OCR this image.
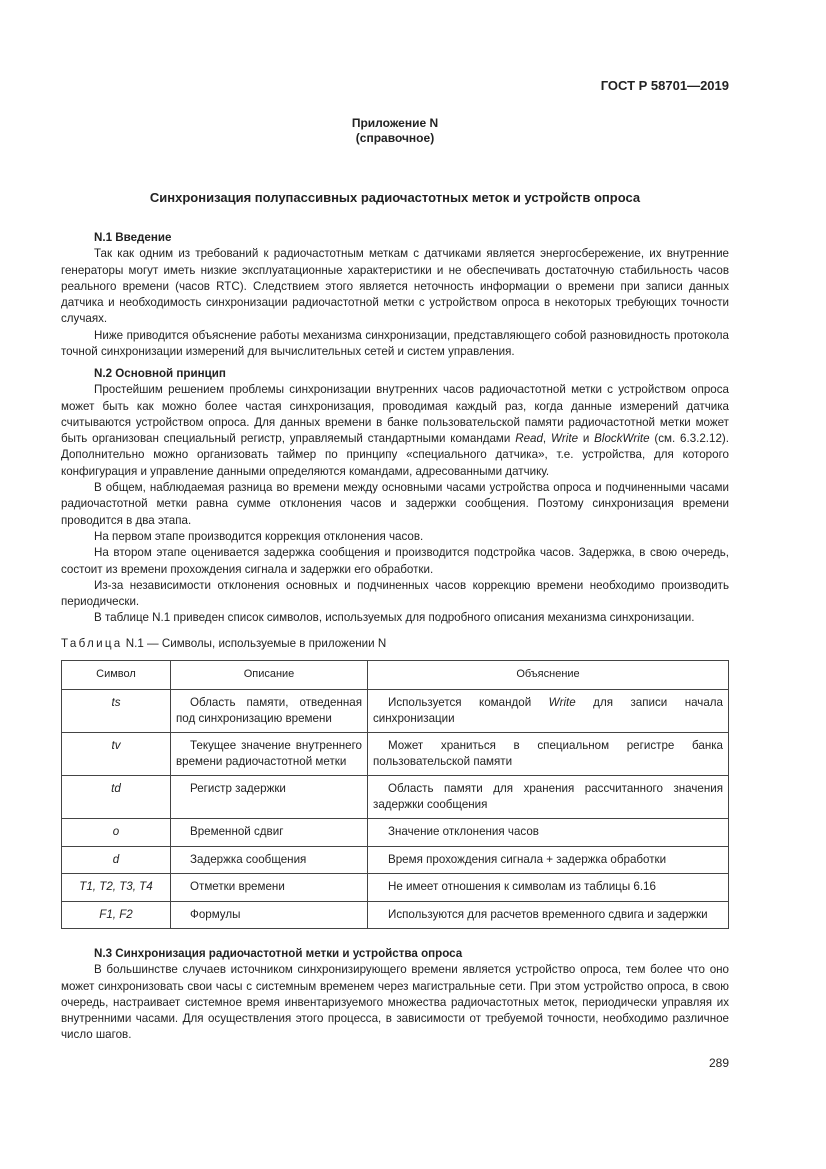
ГОСТ Р 58701—2019
Приложение N
(справочное)
Синхронизация полупассивных радиочастотных меток и устройств опроса

N.1 Введение

Так как одним из требований к радиочастотным меткам с датчиками является энергосбережение, их внутренние генераторы могут иметь низкие эксплуатационные характеристики и не обеспечивать достаточную стабильность часов реального времени (часов RTC). Следствием этого является неточность информации о времени при записи данных датчика и необходимость синхронизации радиочастотной метки с устройством опроса в некоторых требующих точности случаях.

Ниже приводится объяснение работы механизма синхронизации, представляющего собой разновидность протокола точной синхронизации измерений для вычислительных сетей и систем управления.

N.2 Основной принцип

Простейшим решением проблемы синхронизации внутренних часов радиочастотной метки с устройством опроса может быть как можно более частая синхронизация, проводимая каждый раз, когда данные измерений датчика считываются устройством опроса. Для данных времени в банке пользовательской памяти радиочастотной метки может быть организован специальный регистр, управляемый стандартными командами Read, Write и BlockWrite (см. 6.3.2.12). Дополнительно можно организовать таймер по принципу «специального датчика», т.е. устройства, для которого конфигурация и управление данными определяются командами, адресованными датчику.

В общем, наблюдаемая разница во времени между основными часами устройства опроса и подчиненными часами радиочастотной метки равна сумме отклонения часов и задержки сообщения. Поэтому синхронизация времени проводится в два этапа.

На первом этапе производится коррекция отклонения часов.

На втором этапе оценивается задержка сообщения и производится подстройка часов. Задержка, в свою очередь, состоит из времени прохождения сигнала и задержки его обработки.

Из-за независимости отклонения основных и подчиненных часов коррекцию времени необходимо производить периодически.

В таблице N.1 приведен список символов, используемых для подробного описания механизма синхронизации.

Таблица N.1 — Символы, используемые в приложении N
Символ	Описание	Объяснение
ts	Область памяти, отведенная под синхронизацию времени	Используется командой Write для записи начала синхронизации

tv	Текущее значение внутреннего времени радиочастотной метки	Может храниться в специальном регистре банка пользовательской памяти

td	Регистр задержки	Область памяти для хранения рассчитанного значения задержки сообщения

o	Временной сдвиг	Значение отклонения часов

d	Задержка сообщения	Время прохождения сигнала + задержка обработки

T1, T2, T3, T4	Отметки времени	Не имеет отношения к символам из таблицы 6.16

F1, F2	Формулы	Используются для расчетов временного сдвига и задержки

N.3 Синхронизация радиочастотной метки и устройства опроса

В большинстве случаев источником синхронизирующего времени является устройство опроса, тем более что оно может синхронизовать свои часы с системным временем через магистральные сети. При этом устройство опроса, в свою очередь, настраивает системное время инвентаризуемого множества радиочастотных меток, периодически управляя их внутренними часами. Для осуществления этого процесса, в зависимости от требуемой точности, необходимо различное число шагов.

289
